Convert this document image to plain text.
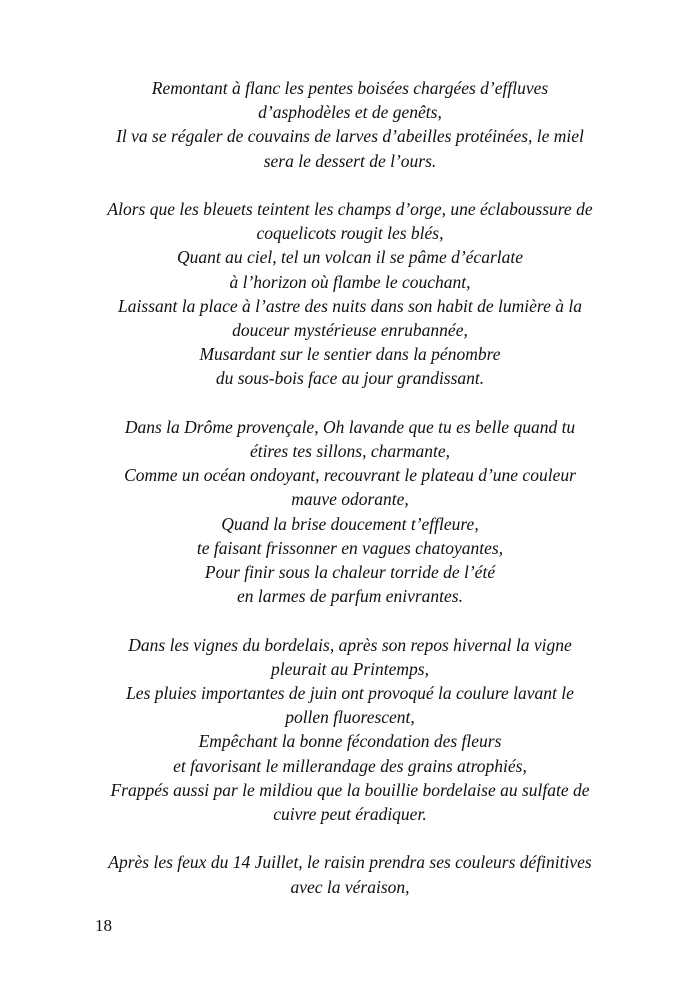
Remontant à flanc les pentes boisées chargées d’effluves
d’asphodèles et de genêts,
Il va se régaler de couvains de larves d’abeilles protéinées, le miel
sera le dessert de l’ours.

Alors que les bleuets teintent les champs d’orge, une éclaboussure de
coquelicots rougit les blés,
Quant au ciel, tel un volcan il se pâme d’écarlate
à l’horizon où flambe le couchant,
Laissant la place à l’astre des nuits dans son habit de lumière à la
douceur mystérieuse enrubannée,
Musardant sur le sentier dans la pénombre
du sous-bois face au jour grandissant.

Dans la Drôme provençale, Oh lavande que tu es belle quand tu
étires tes sillons, charmante,
Comme un océan ondoyant, recouvrant le plateau d’une couleur
mauve odorante,
Quand la brise doucement t’effleure,
te faisant frissonner en vagues chatoyantes,
Pour finir sous la chaleur torride de l’été
en larmes de parfum enivrantes.

Dans les vignes du bordelais, après son repos hivernal la vigne
pleurait au Printemps,
Les pluies importantes de juin ont provoqué la coulure lavant le
pollen fluorescent,
Empêchant la bonne fécondation des fleurs
et favorisant le millerandage des grains atrophiés,
Frappés aussi par le mildiou que la bouillie bordelaise au sulfate de
cuivre peut éradiquer.

Après les feux du 14 Juillet, le raisin prendra ses couleurs définitives
avec la véraison,

18
